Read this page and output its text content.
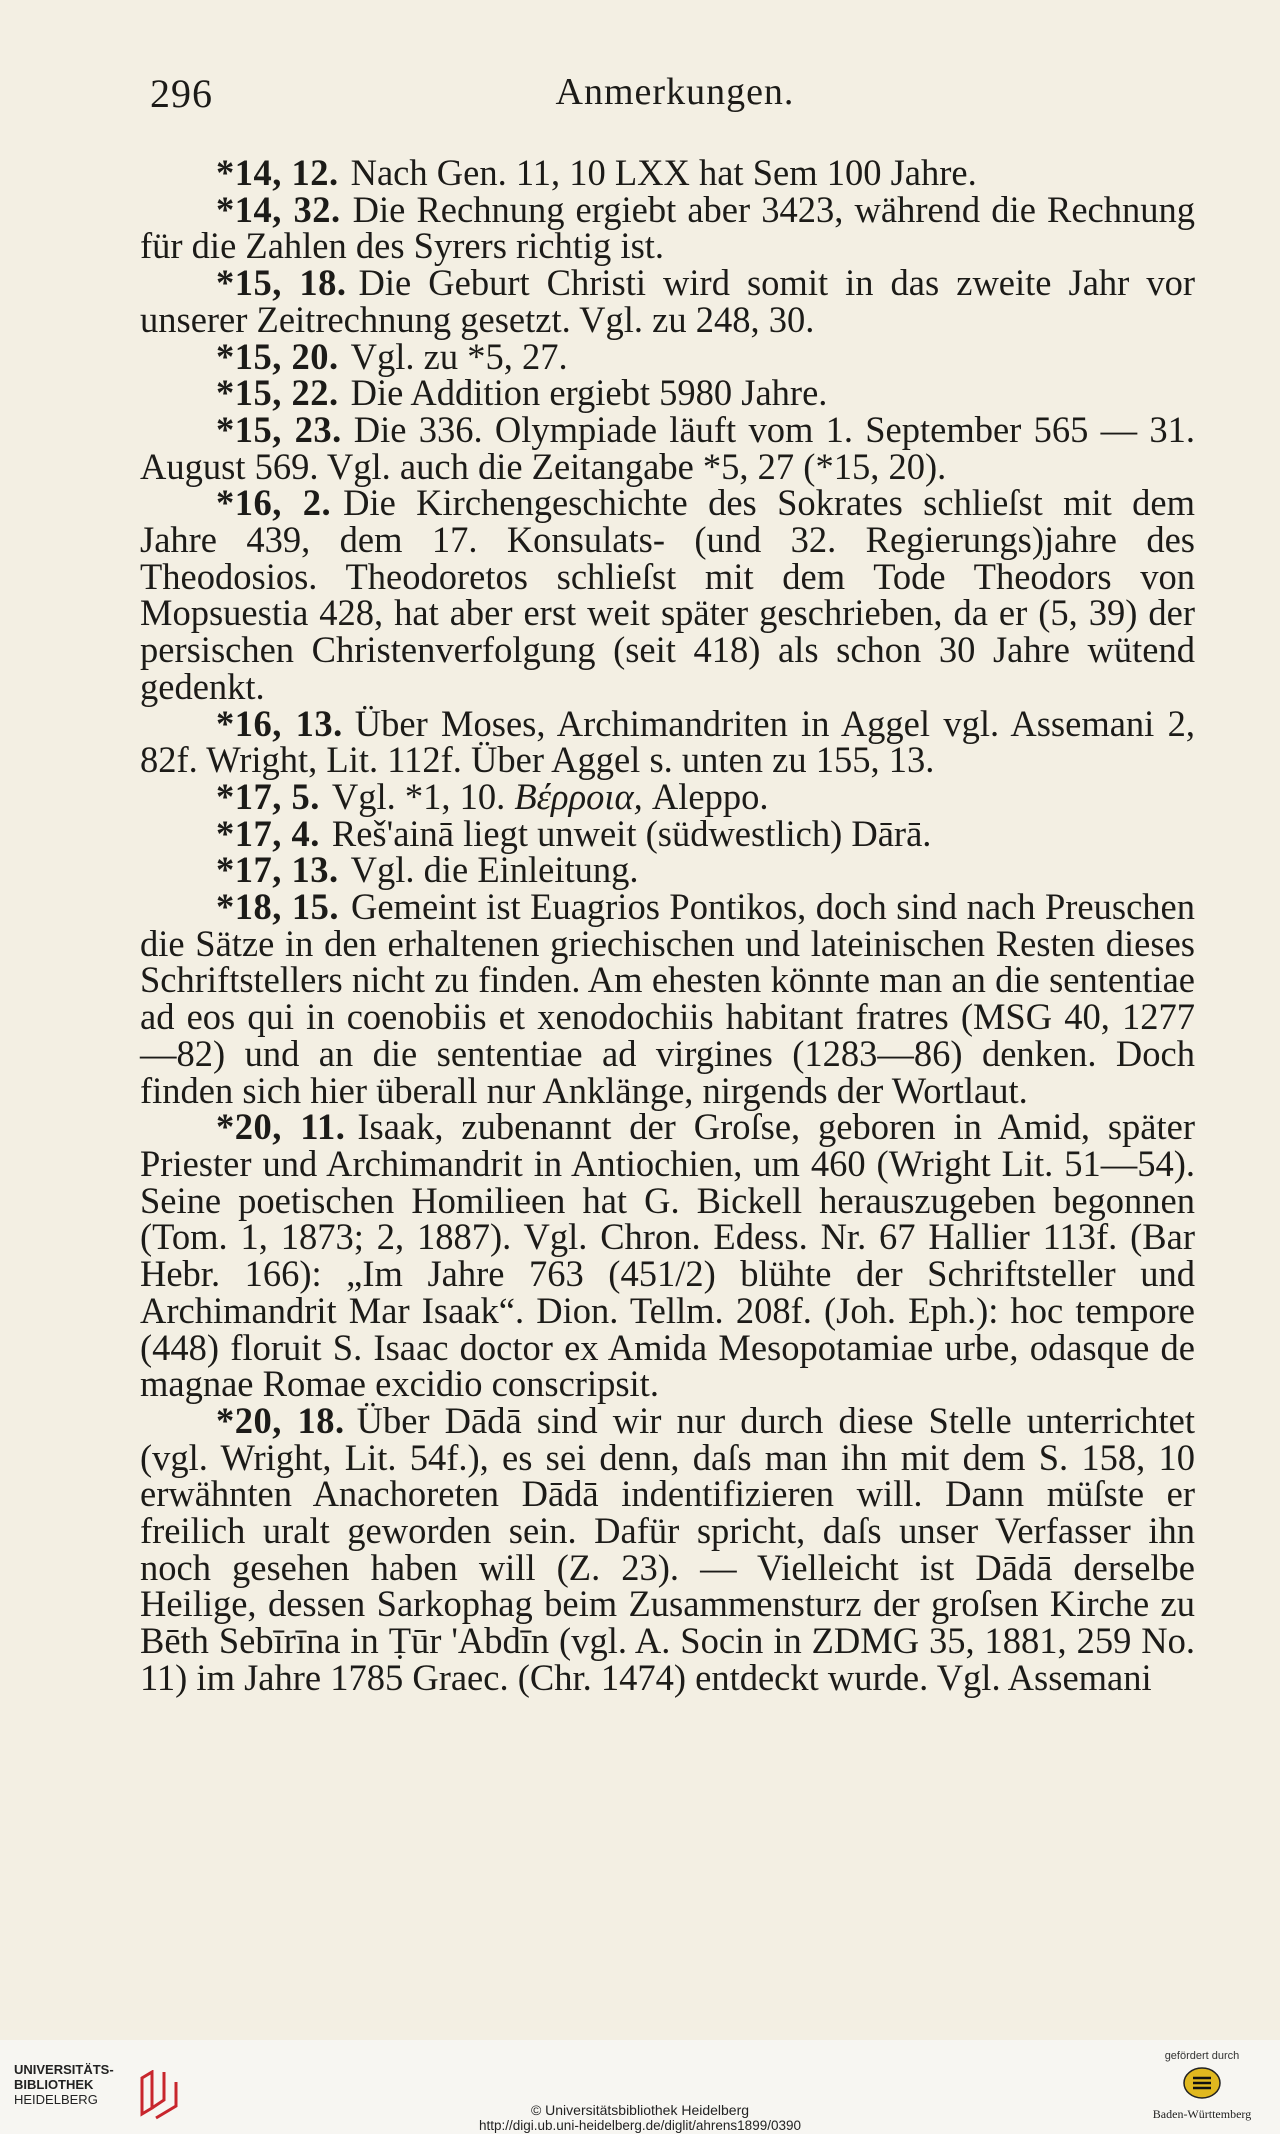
296	Anmerkungen.

*14, 12. Nach Gen. 11, 10 LXX hat Sem 100 Jahre.

*14, 32. Die Rechnung ergiebt aber 3423, während die Rechnung für die Zahlen des Syrers richtig ist.

*15, 18. Die Geburt Christi wird somit in das zweite Jahr vor unserer Zeitrechnung gesetzt. Vgl. zu 248, 30.

*15, 20. Vgl. zu *5, 27.

*15, 22. Die Addition ergiebt 5980 Jahre.

*15, 23. Die 336. Olympiade läuft vom 1. September 565 — 31. August 569. Vgl. auch die Zeitangabe *5, 27 (*15, 20).

*16, 2. Die Kirchengeschichte des Sokrates schlieſst mit dem Jahre 439, dem 17. Konsulats- (und 32. Regierungs)jahre des Theodosios. Theodoretos schlieſst mit dem Tode Theodors von Mopsuestia 428, hat aber erst weit später geschrieben, da er (5, 39) der persischen Christenverfolgung (seit 418) als schon 30 Jahre wütend gedenkt.

*16, 13. Über Moses, Archimandriten in Aggel vgl. Assemani 2, 82f. Wright, Lit. 112f. Über Aggel s. unten zu 155, 13.

*17, 5. Vgl. *1, 10. Βέρροια, Aleppo.

*17, 4. Reš'ainā liegt unweit (südwestlich) Dārā.

*17, 13. Vgl. die Einleitung.

*18, 15. Gemeint ist Euagrios Pontikos, doch sind nach Preuschen die Sätze in den erhaltenen griechischen und lateinischen Resten dieses Schriftstellers nicht zu finden. Am ehesten könnte man an die sententiae ad eos qui in coenobiis et xenodochiis habitant fratres (MSG 40, 1277—82) und an die sententiae ad virgines (1283—86) denken. Doch finden sich hier überall nur Anklänge, nirgends der Wortlaut.

*20, 11. Isaak, zubenannt der Groſse, geboren in Amid, später Priester und Archimandrit in Antiochien, um 460 (Wright Lit. 51—54). Seine poetischen Homilieen hat G. Bickell herauszugeben begonnen (Tom. 1, 1873; 2, 1887). Vgl. Chron. Edess. Nr. 67 Hallier 113f. (Bar Hebr. 166): „Im Jahre 763 (451/2) blühte der Schriftsteller und Archimandrit Mar Isaak“. Dion. Tellm. 208f. (Joh. Eph.): hoc tempore (448) floruit S. Isaac doctor ex Amida Mesopotamiae urbe, odasque de magnae Romae excidio conscripsit.

*20, 18. Über Dādā sind wir nur durch diese Stelle unterrichtet (vgl. Wright, Lit. 54f.), es sei denn, daſs man ihn mit dem S. 158, 10 erwähnten Anachoreten Dādā indentifizieren will. Dann müſste er freilich uralt geworden sein. Dafür spricht, daſs unser Verfasser ihn noch gesehen haben will (Z. 23). — Vielleicht ist Dādā derselbe Heilige, dessen Sarkophag beim Zusammensturz der groſsen Kirche zu Bēth Sebīrīna in Ṭūr 'Abdīn (vgl. A. Socin in ZDMG 35, 1881, 259 No. 11) im Jahre 1785 Graec. (Chr. 1474) entdeckt wurde. Vgl. Assemani

UNIVERSITÄTS-
BIBLIOTHEK
HEIDELBERG
© Universitätsbibliothek Heidelberg
http://digi.ub.uni-heidelberg.de/diglit/ahrens1899/0390
gefördert durch
Baden-Württemberg
